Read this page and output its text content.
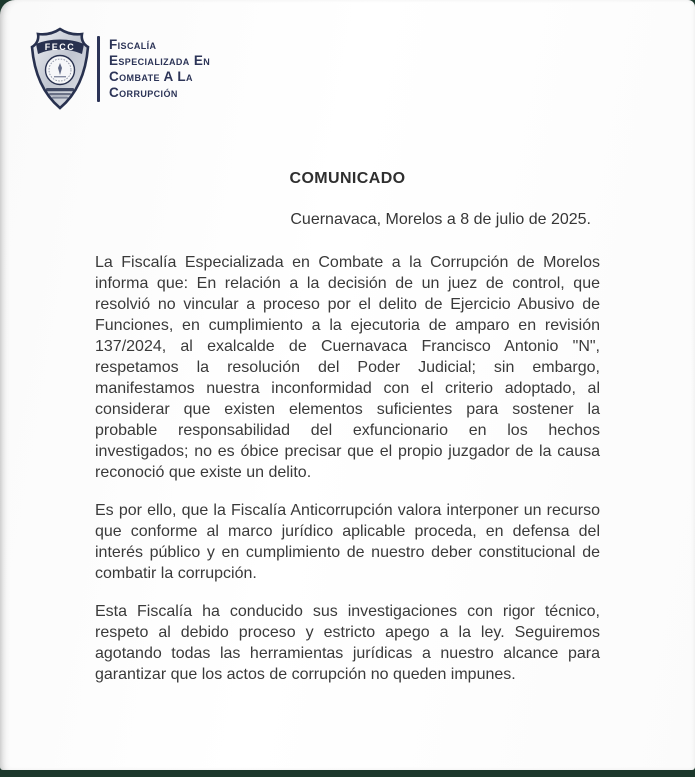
FECC	Fiscalía
Especializada En
Combate A La
Corrupción
COMUNICADO
Cuernavaca, Morelos a 8 de julio de 2025.

La Fiscalía Especializada en Combate a la Corrupción de Morelos informa que: En relación a la decisión de un juez de control, que resolvió no vincular a proceso por el delito de Ejercicio Abusivo de Funciones, en cumplimiento a la ejecutoria de amparo en revisión 137/2024, al exalcalde de Cuernavaca Francisco Antonio "N", respetamos la resolución del Poder Judicial; sin embargo, manifestamos nuestra inconformidad con el criterio adoptado, al considerar que existen elementos suficientes para sostener la probable responsabilidad del exfuncionario en los hechos investigados; no es óbice precisar que el propio juzgador de la causa reconoció que existe un delito.

Es por ello, que la Fiscalía Anticorrupción valora interponer un recurso que conforme al marco jurídico aplicable proceda, en defensa del interés público y en cumplimiento de nuestro deber constitucional de combatir la corrupción.

Esta Fiscalía ha conducido sus investigaciones con rigor técnico, respeto al debido proceso y estricto apego a la ley. Seguiremos agotando todas las herramientas jurídicas a nuestro alcance para garantizar que los actos de corrupción no queden impunes.
